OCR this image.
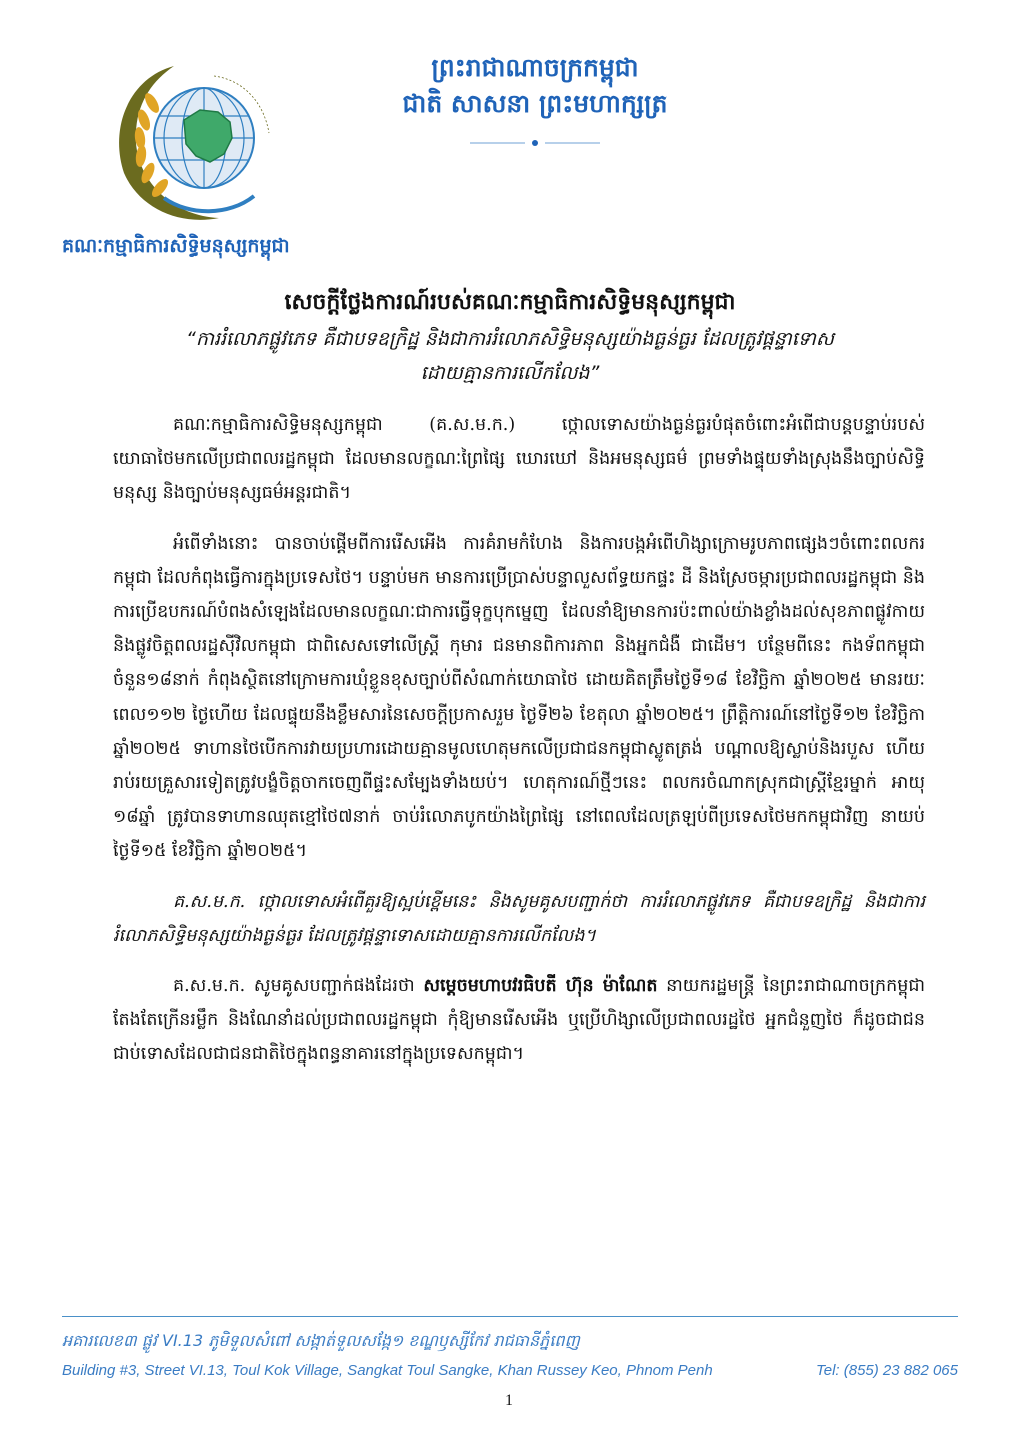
គណៈកម្មាធិការសិទ្ធិមនុស្សកម្ពុជា
ព្រះរាជាណាចក្រកម្ពុជា
ជាតិ សាសនា ព្រះមហាក្សត្រ
សេចក្តីថ្លែងការណ៍របស់គណៈកម្មាធិការសិទ្ធិមនុស្សកម្ពុជា
“ការរំលោភផ្លូវភេទ គឺជាបទឧក្រិដ្ឋ និងជាការរំលោភសិទ្ធិមនុស្សយ៉ាងធ្ងន់ធ្ងរ ដែលត្រូវផ្តន្ទាទោស
ដោយគ្មានការលើកលែង”

គណៈកម្មាធិការសិទ្ធិមនុស្សកម្ពុជា (គ.ស.ម.ក.) ថ្កោលទោសយ៉ាងធ្ងន់ធ្ងរបំផុតចំពោះអំពើជាបន្តបន្ទាប់របស់យោធាថៃមកលើប្រជាពលរដ្ឋកម្ពុជា ដែលមានលក្ខណៈព្រៃផ្សៃ ឃោរឃៅ និងអមនុស្សធម៌ ព្រមទាំងផ្ទុយទាំងស្រុងនឹងច្បាប់សិទ្ធិមនុស្ស និងច្បាប់មនុស្សធម៌អន្តរជាតិ។

អំពើទាំងនោះ បានចាប់ផ្តើមពីការរើសអើង ការគំរាមកំហែង និងការបង្កអំពើហិង្សាក្រោមរូបភាពផ្សេងៗចំពោះពលករកម្ពុជា ដែលកំពុងធ្វើការក្នុងប្រទេសថៃ។ បន្ទាប់មក មានការប្រើប្រាស់បន្ទាលួសព័ទ្ធយកផ្ទះ ដី និងស្រែចម្ការប្រជាពលរដ្ឋកម្ពុជា និងការប្រើឧបករណ៍បំពងសំឡេងដែលមានលក្ខណៈជាការធ្វើទុក្ខបុកម្នេញ ដែលនាំឱ្យមានការប៉ះពាល់យ៉ាងខ្លាំងដល់សុខភាពផ្លូវកាយ និងផ្លូវចិត្តពលរដ្ឋស៊ីវិលកម្ពុជា ជាពិសេសទៅលើស្ត្រី កុមារ ជនមានពិការភាព និងអ្នកជំងឺ ជាដើម។ បន្ថែមពីនេះ កងទ័ពកម្ពុជាចំនួន១៨នាក់ កំពុងស្ថិតនៅក្រោមការឃុំខ្លួនខុសច្បាប់ពីសំណាក់យោធាថៃ ដោយគិតត្រឹមថ្ងៃទី១៨ ខែវិច្ឆិកា ឆ្នាំ២០២៥ មានរយៈពេល១១២ ថ្ងៃហើយ ដែលផ្ទុយនឹងខ្លឹមសារនៃសេចក្តីប្រកាសរួម ថ្ងៃទី២៦ ខែតុលា ឆ្នាំ២០២៥។ ព្រឹត្តិការណ៍នៅថ្ងៃទី១២ ខែវិច្ឆិកា ឆ្នាំ២០២៥ ទាហានថៃបើកការវាយប្រហារដោយគ្មានមូលហេតុមកលើប្រជាជនកម្ពុជាស្លូតត្រង់ បណ្តាលឱ្យស្លាប់និងរបួស ហើយរាប់រយគ្រួសារទៀតត្រូវបង្ខំចិត្តចាកចេញពីផ្ទះសម្បែងទាំងយប់។ ហេតុការណ៍ថ្មីៗនេះ ពលករចំណាកស្រុកជាស្ត្រីខ្មែរម្នាក់ អាយុ ១៨ឆ្នាំ ត្រូវបានទាហានឈុតខ្មៅថៃ៧នាក់ ចាប់រំលោភបូកយ៉ាងព្រៃផ្សៃ នៅពេលដែលត្រឡប់ពីប្រទេសថៃមកកម្ពុជាវិញ នាយប់ថ្ងៃទី១៥ ខែវិច្ឆិកា ឆ្នាំ២០២៥។

គ.ស.ម.ក. ថ្កោលទោសអំពើគួរឱ្យស្អប់ខ្ពើមនេះ និងសូមគូសបញ្ជាក់ថា ការរំលោភផ្លូវភេទ គឺជាបទឧក្រិដ្ឋ និងជាការរំលោភសិទ្ធិមនុស្សយ៉ាងធ្ងន់ធ្ងរ ដែលត្រូវផ្តន្ទាទោសដោយគ្មានការលើកលែង។

គ.ស.ម.ក. សូមគូសបញ្ជាក់ផងដែរថា សម្តេចមហាបវរធិបតី ហ៊ុន ម៉ាណែត នាយករដ្ឋមន្ត្រី នៃព្រះរាជាណាចក្រកម្ពុជា តែងតែក្រើនរម្លឹក និងណែនាំដល់ប្រជាពលរដ្ឋកម្ពុជា កុំឱ្យមានរើសអើង ឬប្រើហិង្សាលើប្រជាពលរដ្ឋថៃ អ្នកជំនួញថៃ ក៏ដូចជាជនជាប់ទោសដែលជាជនជាតិថៃក្នុងពន្ធនាគារនៅក្នុងប្រទេសកម្ពុជា។

អគារលេខ៣ ផ្លូវ VI.13 ភូមិទួលសំពៅ សង្កាត់ទួលសង្កែ១ ខណ្ឌឫស្សីកែវ រាជធានីភ្នំពេញ
Building #3, Street VI.13, Toul Kok Village, Sangkat Toul Sangke, Khan Russey Keo, Phnom Penh	Tel: (855) 23 882 065
1
